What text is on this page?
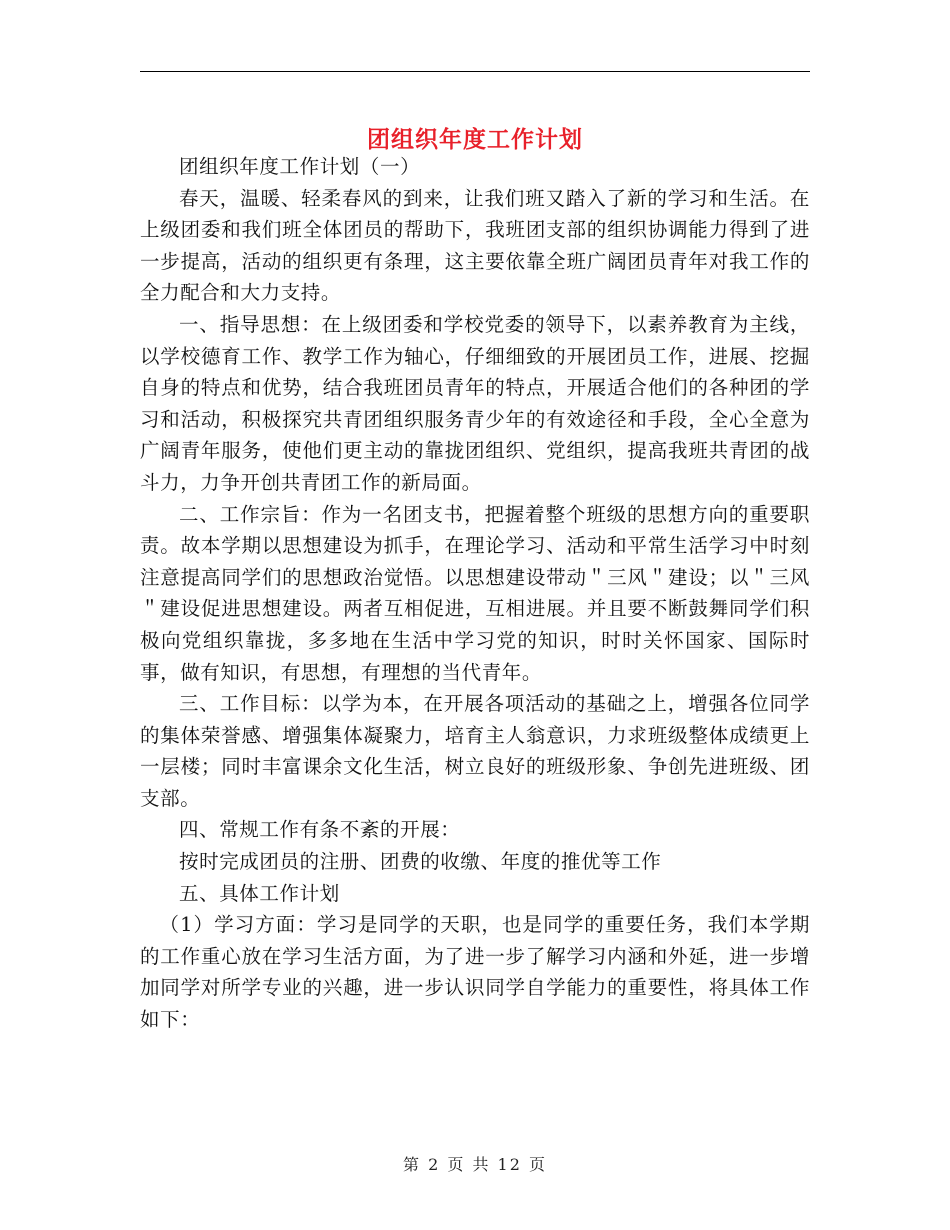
团组织年度工作计划

团组织年度工作计划（一）

春天，温暖、轻柔春风的到来，让我们班又踏入了新的学习和生活。在上级团委和我们班全体团员的帮助下，我班团支部的组织协调能力得到了进一步提高，活动的组织更有条理，这主要依靠全班广阔团员青年对我工作的全力配合和大力支持。

一、指导思想：在上级团委和学校党委的领导下，以素养教育为主线，以学校德育工作、教学工作为轴心，仔细细致的开展团员工作，进展、挖掘自身的特点和优势，结合我班团员青年的特点，开展适合他们的各种团的学习和活动，积极探究共青团组织服务青少年的有效途径和手段，全心全意为广阔青年服务，使他们更主动的靠拢团组织、党组织，提高我班共青团的战斗力，力争开创共青团工作的新局面。

二、工作宗旨：作为一名团支书，把握着整个班级的思想方向的重要职责。故本学期以思想建设为抓手，在理论学习、活动和平常生活学习中时刻注意提高同学们的思想政治觉悟。以思想建设带动＂三风＂建设；以＂三风＂建设促进思想建设。两者互相促进，互相进展。并且要不断鼓舞同学们积极向党组织靠拢，多多地在生活中学习党的知识，时时关怀国家、国际时事，做有知识，有思想，有理想的当代青年。

三、工作目标：以学为本，在开展各项活动的基础之上，增强各位同学的集体荣誉感、增强集体凝聚力，培育主人翁意识，力求班级整体成绩更上一层楼；同时丰富课余文化生活，树立良好的班级形象、争创先进班级、团支部。

四、常规工作有条不紊的开展：

按时完成团员的注册、团费的收缴、年度的推优等工作

五、具体工作计划

（1）学习方面：学习是同学的天职，也是同学的重要任务，我们本学期的工作重心放在学习生活方面，为了进一步了解学习内涵和外延，进一步增加同学对所学专业的兴趣，进一步认识同学自学能力的重要性，将具体工作如下：

第 2 页 共 12 页
